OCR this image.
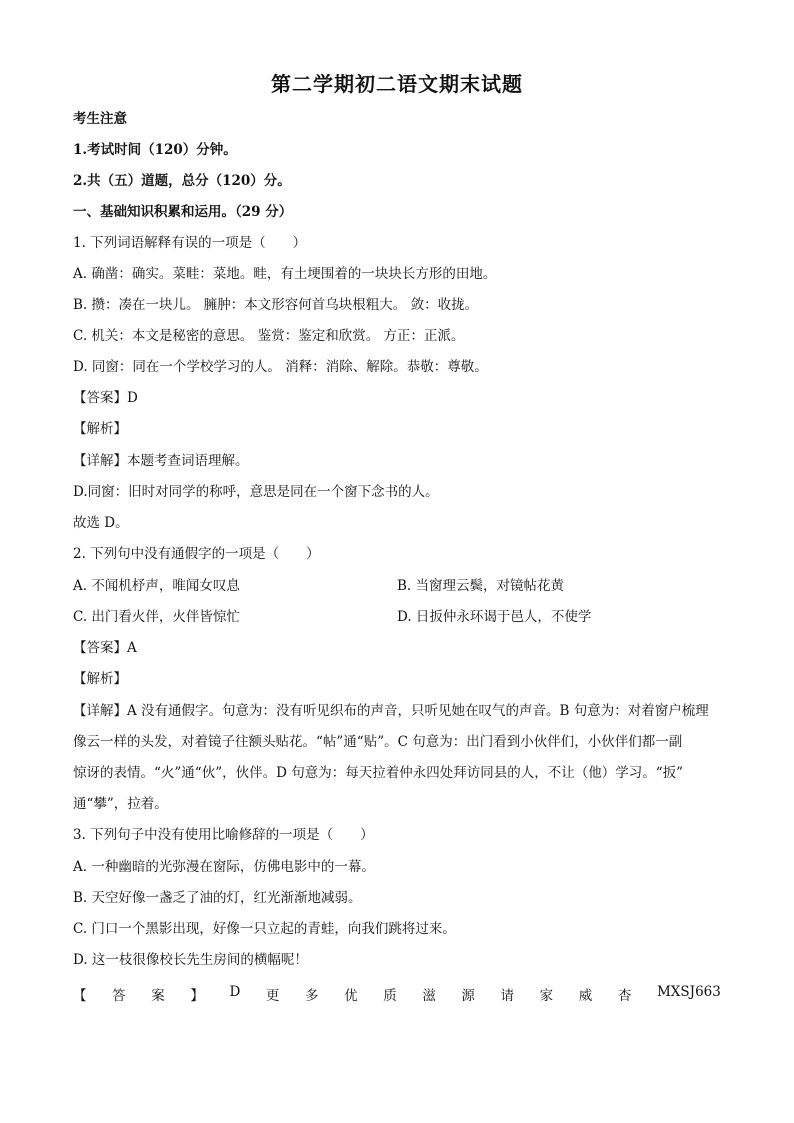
第二学期初二语文期末试题
考生注意
1.考试时间（120）分钟。
2.共（五）道题，总分（120）分。
一、基础知识积累和运用。（29 分）
1. 下列词语解释有误的一项是（　　）
A. 确凿：确实。菜畦：菜地。畦，有土埂围着的一块块长方形的田地。
B. 攒：凑在一块儿。 臃肿：本文形容何首乌块根粗大。 敛：收拢。
C. 机关：本文是秘密的意思。 鉴赏：鉴定和欣赏。 方正：正派。
D. 同窗：同在一个学校学习的人。 消释：消除、解除。恭敬：尊敬。
【答案】D
【解析】
【详解】本题考查词语理解。
D.同窗：旧时对同学的称呼，意思是同在一个窗下念书的人。
故选 D。
2. 下列句中没有通假字的一项是（　　）
A. 不闻机杼声，唯闻女叹息	B. 当窗理云鬓，对镜帖花黄
C. 出门看火伴，火伴皆惊忙	D. 日扳仲永环谒于邑人，不使学
【答案】A
【解析】
【详解】A 没有通假字。句意为：没有听见织布的声音，只听见她在叹气的声音。B 句意为：对着窗户梳理
像云一样的头发，对着镜子往额头贴花。“帖”通“贴”。C 句意为：出门看到小伙伴们，小伙伴们都一副
惊讶的表情。“火”通“伙”，伙伴。D 句意为：每天拉着仲永四处拜访同县的人，不让（他）学习。“扳”
通“攀”，拉着。
3. 下列句子中没有使用比喻修辞的一项是（　　）
A. 一种幽暗的光弥漫在窗际，仿佛电影中的一幕。
B. 天空好像一盏乏了油的灯，红光渐渐地减弱。
C. 门口一个黑影出现，好像一只立起的青蛙，向我们跳将过来。
D. 这一枝很像校长先生房间的横幅呢！
【 答 案 】 D 更 多 优 质 滋 源 请 家 威 杏 MXSJ663
